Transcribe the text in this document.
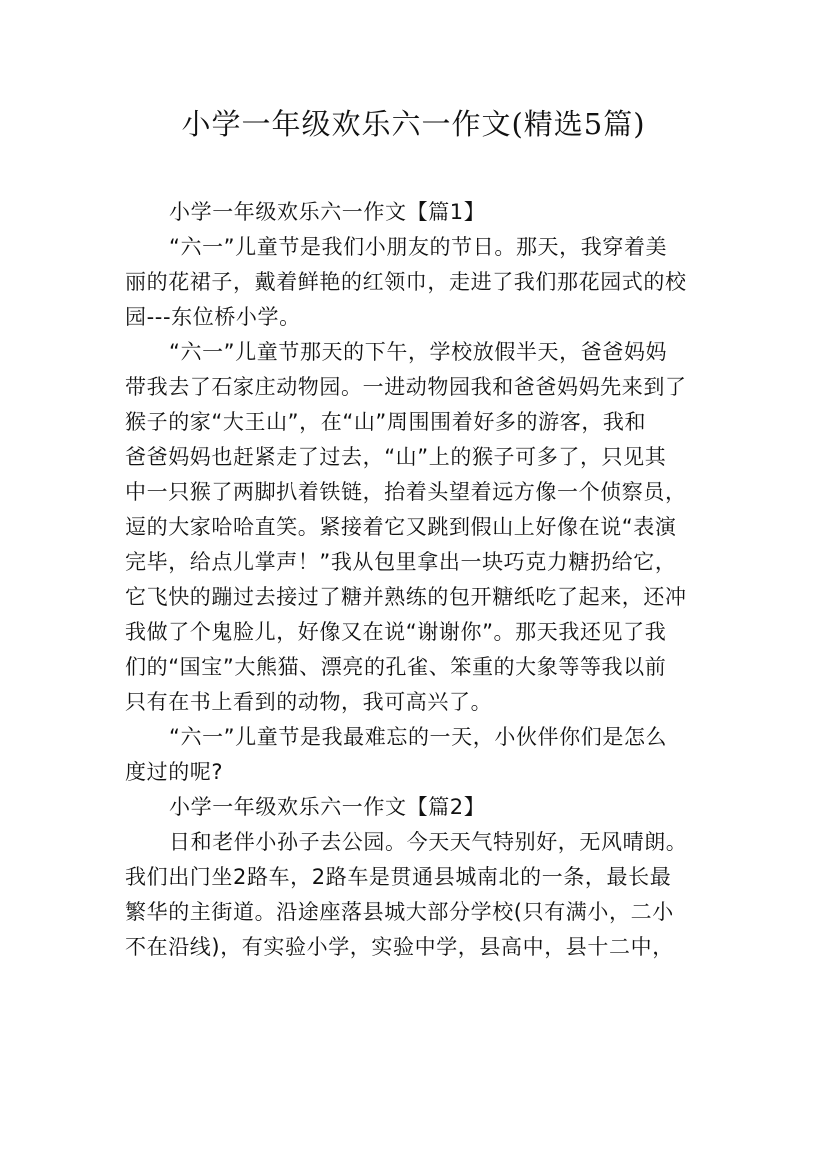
小学一年级欢乐六一作文(精选5篇)
小学一年级欢乐六一作文【篇1】
“六一”儿童节是我们小朋友的节日。那天，我穿着美
丽的花裙子，戴着鲜艳的红领巾，走进了我们那花园式的校
园---东位桥小学。
“六一”儿童节那天的下午，学校放假半天，爸爸妈妈
带我去了石家庄动物园。一进动物园我和爸爸妈妈先来到了
猴子的家“大王山”，在“山”周围围着好多的游客，我和
爸爸妈妈也赶紧走了过去，“山”上的猴子可多了，只见其
中一只猴了两脚扒着铁链，抬着头望着远方像一个侦察员，
逗的大家哈哈直笑。紧接着它又跳到假山上好像在说“表演
完毕，给点儿掌声！”我从包里拿出一块巧克力糖扔给它，
它飞快的蹦过去接过了糖并熟练的包开糖纸吃了起来，还冲
我做了个鬼脸儿，好像又在说“谢谢你”。那天我还见了我
们的“国宝”大熊猫、漂亮的孔雀、笨重的大象等等我以前
只有在书上看到的动物，我可高兴了。
“六一”儿童节是我最难忘的一天，小伙伴你们是怎么
度过的呢?
小学一年级欢乐六一作文【篇2】
日和老伴小孙子去公园。今天天气特别好，无风晴朗。
我们出门坐2路车，2路车是贯通县城南北的一条，最长最
繁华的主街道。沿途座落县城大部分学校(只有满小，二小
不在沿线)，有实验小学，实验中学，县高中，县十二中，
